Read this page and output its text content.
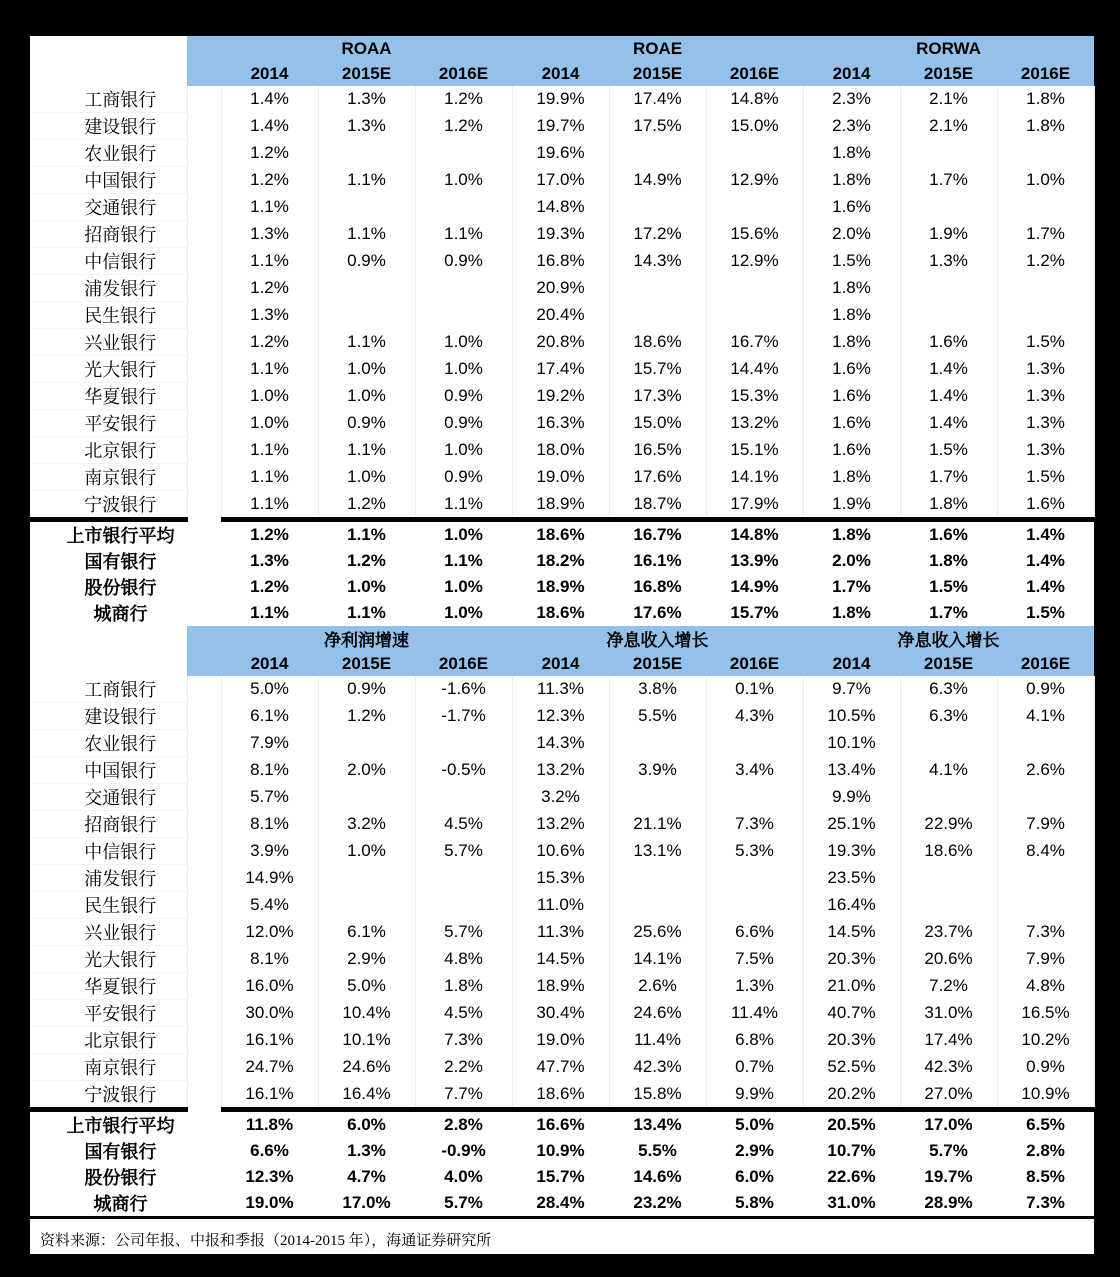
		ROAA			ROAE			RORWA		
		2014	2015E	2016E	2014	2015E	2016E	2014	2015E	2016E
工商银行		1.4%	1.3%	1.2%	19.9%	17.4%	14.8%	2.3%	2.1%	1.8%
建设银行		1.4%	1.3%	1.2%	19.7%	17.5%	15.0%	2.3%	2.1%	1.8%
农业银行		1.2%			19.6%			1.8%		
中国银行		1.2%	1.1%	1.0%	17.0%	14.9%	12.9%	1.8%	1.7%	1.0%
交通银行		1.1%			14.8%			1.6%		
招商银行		1.3%	1.1%	1.1%	19.3%	17.2%	15.6%	2.0%	1.9%	1.7%
中信银行		1.1%	0.9%	0.9%	16.8%	14.3%	12.9%	1.5%	1.3%	1.2%
浦发银行		1.2%			20.9%			1.8%		
民生银行		1.3%			20.4%			1.8%		
兴业银行		1.2%	1.1%	1.0%	20.8%	18.6%	16.7%	1.8%	1.6%	1.5%
光大银行		1.1%	1.0%	1.0%	17.4%	15.7%	14.4%	1.6%	1.4%	1.3%
华夏银行		1.0%	1.0%	0.9%	19.2%	17.3%	15.3%	1.6%	1.4%	1.3%
平安银行		1.0%	0.9%	0.9%	16.3%	15.0%	13.2%	1.6%	1.4%	1.3%
北京银行		1.1%	1.1%	1.0%	18.0%	16.5%	15.1%	1.6%	1.5%	1.3%
南京银行		1.1%	1.0%	0.9%	19.0%	17.6%	14.1%	1.8%	1.7%	1.5%
宁波银行		1.1%	1.2%	1.1%	18.9%	18.7%	17.9%	1.9%	1.8%	1.6%
上市银行平均		1.2%	1.1%	1.0%	18.6%	16.7%	14.8%	1.8%	1.6%	1.4%
国有银行		1.3%	1.2%	1.1%	18.2%	16.1%	13.9%	2.0%	1.8%	1.4%
股份银行		1.2%	1.0%	1.0%	18.9%	16.8%	14.9%	1.7%	1.5%	1.4%
城商行		1.1%	1.1%	1.0%	18.6%	17.6%	15.7%	1.8%	1.7%	1.5%
		净利润增速			净息收入增长			净息收入增长		
		2014	2015E	2016E	2014	2015E	2016E	2014	2015E	2016E
工商银行		5.0%	0.9%	-1.6%	11.3%	3.8%	0.1%	9.7%	6.3%	0.9%
建设银行		6.1%	1.2%	-1.7%	12.3%	5.5%	4.3%	10.5%	6.3%	4.1%
农业银行		7.9%			14.3%			10.1%		
中国银行		8.1%	2.0%	-0.5%	13.2%	3.9%	3.4%	13.4%	4.1%	2.6%
交通银行		5.7%			3.2%			9.9%		
招商银行		8.1%	3.2%	4.5%	13.2%	21.1%	7.3%	25.1%	22.9%	7.9%
中信银行		3.9%	1.0%	5.7%	10.6%	13.1%	5.3%	19.3%	18.6%	8.4%
浦发银行		14.9%			15.3%			23.5%		
民生银行		5.4%			11.0%			16.4%		
兴业银行		12.0%	6.1%	5.7%	11.3%	25.6%	6.6%	14.5%	23.7%	7.3%
光大银行		8.1%	2.9%	4.8%	14.5%	14.1%	7.5%	20.3%	20.6%	7.9%
华夏银行		16.0%	5.0%	1.8%	18.9%	2.6%	1.3%	21.0%	7.2%	4.8%
平安银行		30.0%	10.4%	4.5%	30.4%	24.6%	11.4%	40.7%	31.0%	16.5%
北京银行		16.1%	10.1%	7.3%	19.0%	11.4%	6.8%	20.3%	17.4%	10.2%
南京银行		24.7%	24.6%	2.2%	47.7%	42.3%	0.7%	52.5%	42.3%	0.9%
宁波银行		16.1%	16.4%	7.7%	18.6%	15.8%	9.9%	20.2%	27.0%	10.9%
上市银行平均		11.8%	6.0%	2.8%	16.6%	13.4%	5.0%	20.5%	17.0%	6.5%
国有银行		6.6%	1.3%	-0.9%	10.9%	5.5%	2.9%	10.7%	5.7%	2.8%
股份银行		12.3%	4.7%	4.0%	15.7%	14.6%	6.0%	22.6%	19.7%	8.5%
城商行		19.0%	17.0%	5.7%	28.4%	23.2%	5.8%	31.0%	28.9%	7.3%
资料来源：公司年报、中报和季报（2014-2015 年），海通证券研究所
备注：表内未给评级的公司盈利预测来自 WIND 一致预期。
